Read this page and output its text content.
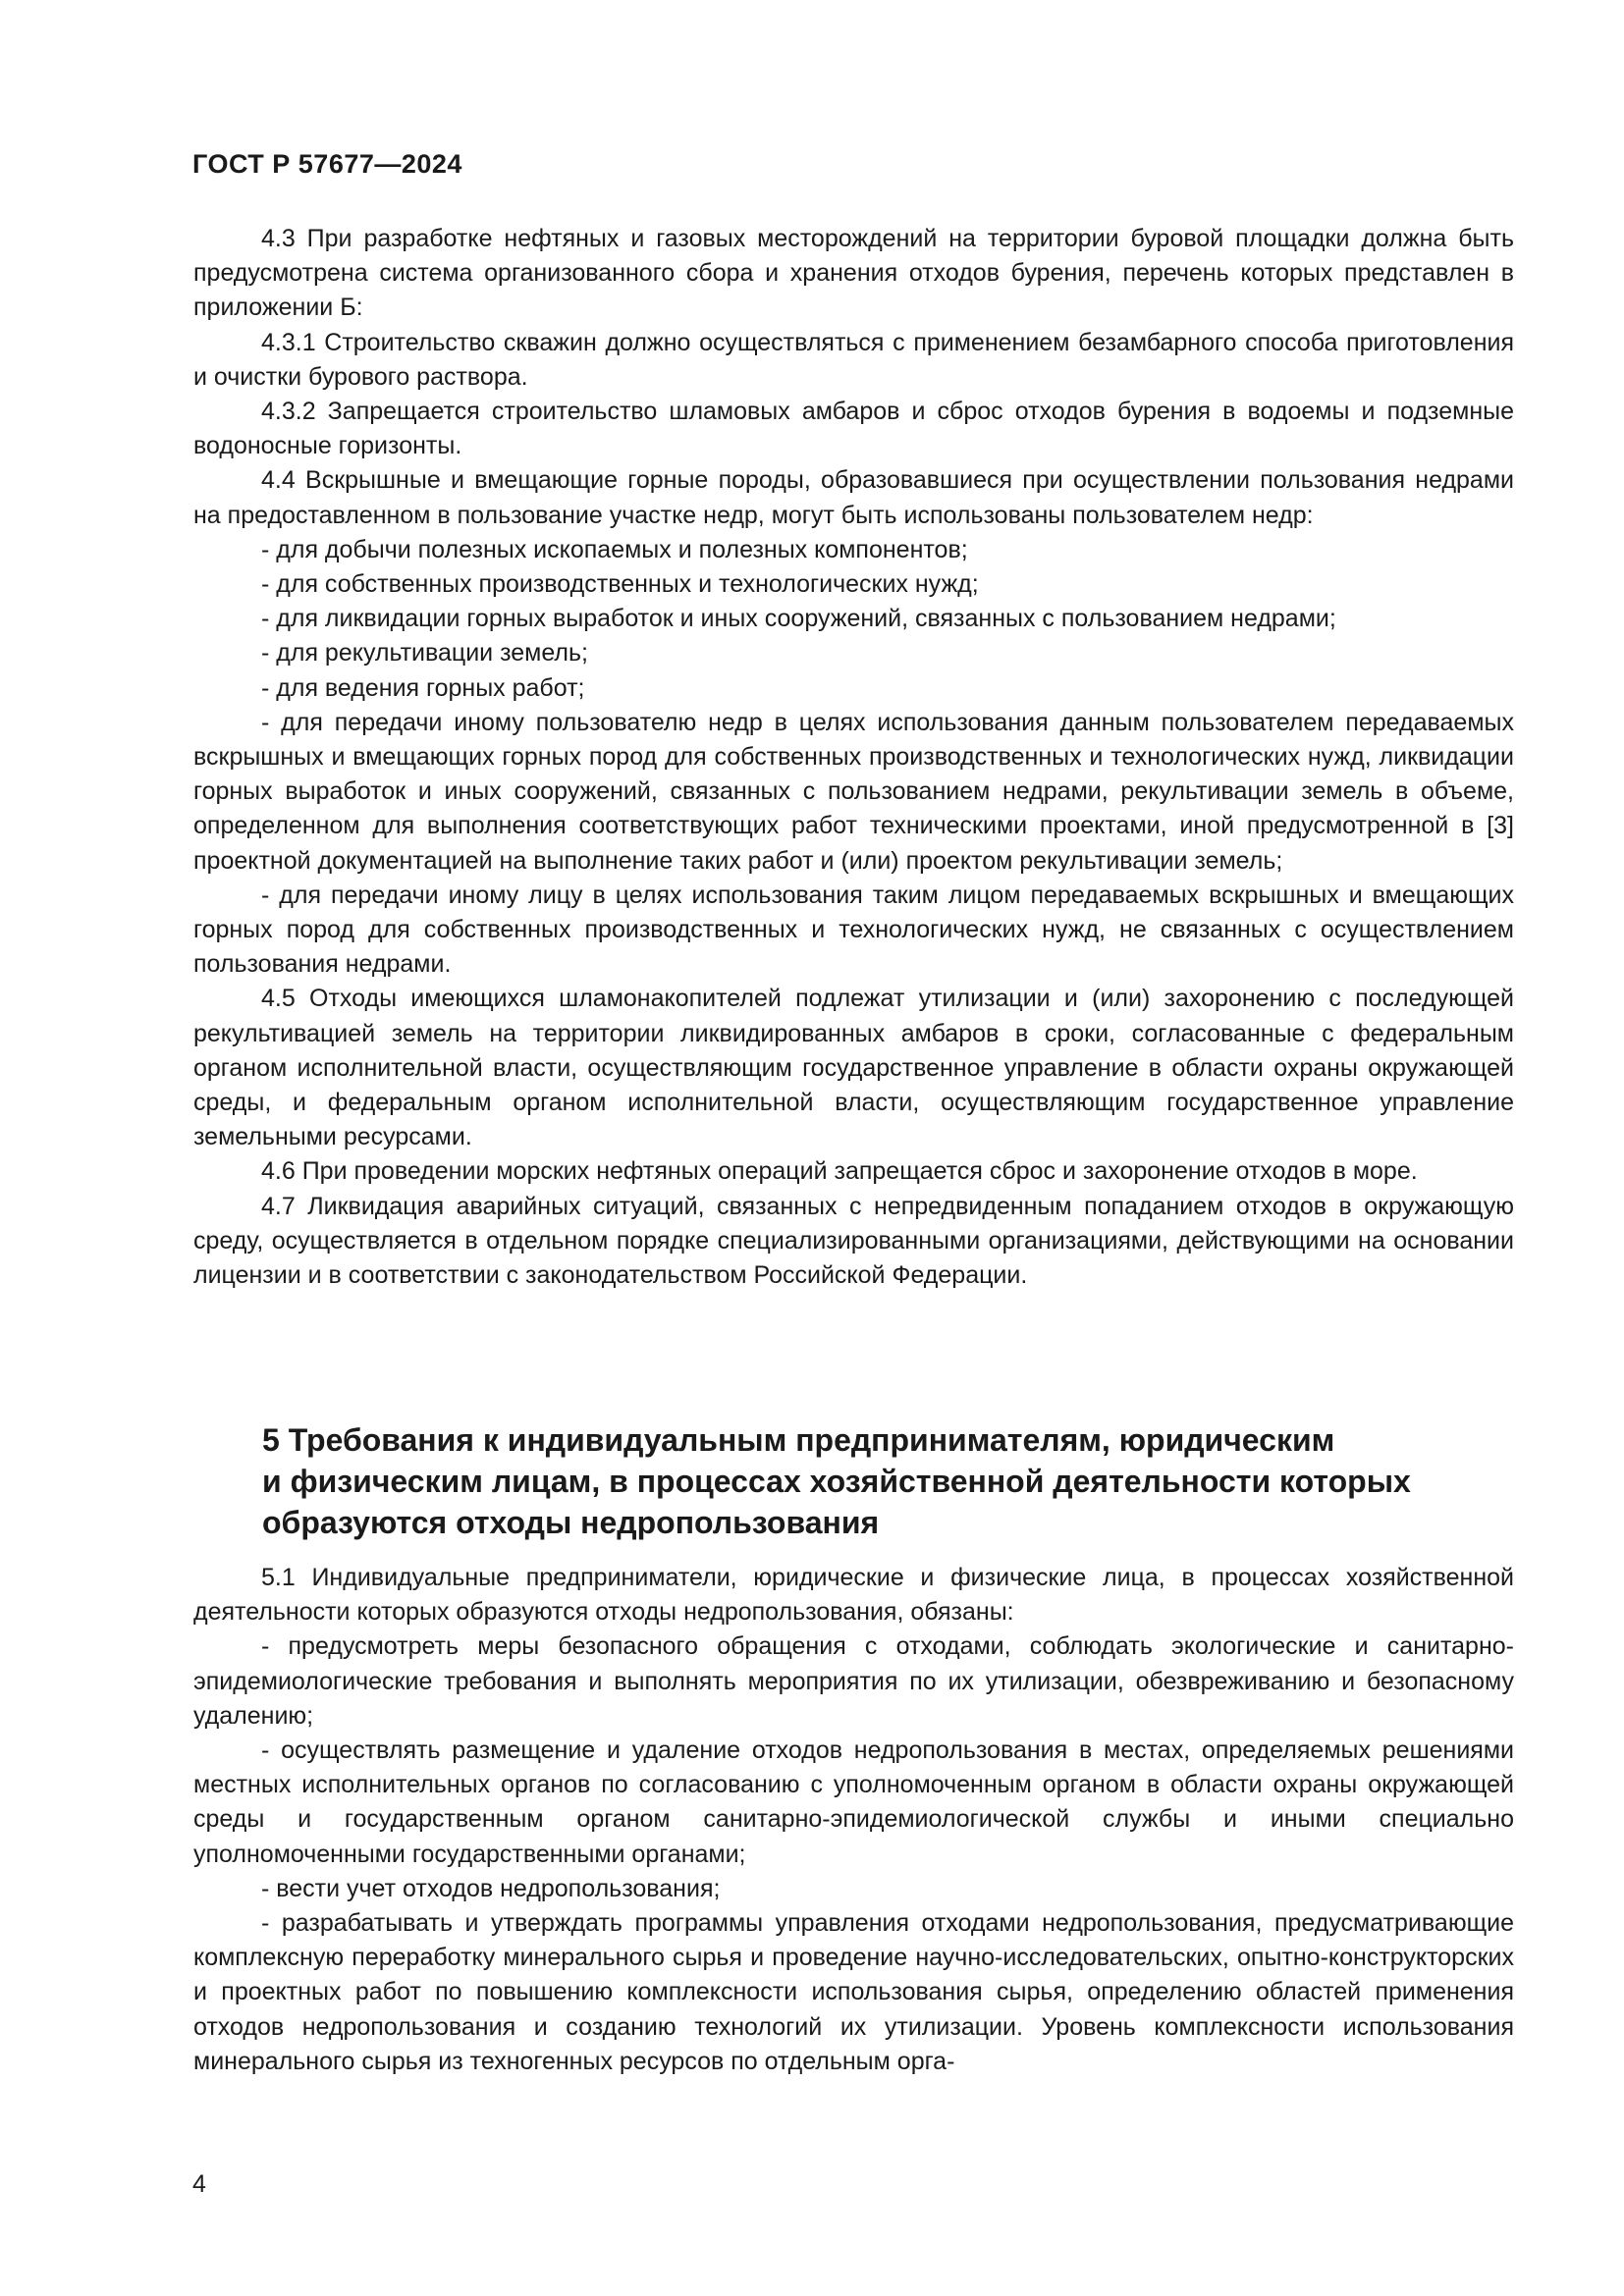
ГОСТ Р 57677—2024

4.3 При разработке нефтяных и газовых месторождений на территории буровой площадки должна быть предусмотрена система организованного сбора и хранения отходов бурения, перечень которых представлен в приложении Б:

4.3.1 Строительство скважин должно осуществляться с применением безамбарного способа приготовления и очистки бурового раствора.

4.3.2 Запрещается строительство шламовых амбаров и сброс отходов бурения в водоемы и подземные водоносные горизонты.

4.4 Вскрышные и вмещающие горные породы, образовавшиеся при осуществлении пользования недрами на предоставленном в пользование участке недр, могут быть использованы пользователем недр:

- для добычи полезных ископаемых и полезных компонентов;

- для собственных производственных и технологических нужд;

- для ликвидации горных выработок и иных сооружений, связанных с пользованием недрами;

- для рекультивации земель;

- для ведения горных работ;

- для передачи иному пользователю недр в целях использования данным пользователем передаваемых вскрышных и вмещающих горных пород для собственных производственных и технологических нужд, ликвидации горных выработок и иных сооружений, связанных с пользованием недрами, рекультивации земель в объеме, определенном для выполнения соответствующих работ техническими проектами, иной предусмотренной в [3] проектной документацией на выполнение таких работ и (или) проектом рекультивации земель;

- для передачи иному лицу в целях использования таким лицом передаваемых вскрышных и вмещающих горных пород для собственных производственных и технологических нужд, не связанных с осуществлением пользования недрами.

4.5 Отходы имеющихся шламонакопителей подлежат утилизации и (или) захоронению с последующей рекультивацией земель на территории ликвидированных амбаров в сроки, согласованные с федеральным органом исполнительной власти, осуществляющим государственное управление в области охраны окружающей среды, и федеральным органом исполнительной власти, осуществляющим государственное управление земельными ресурсами.

4.6 При проведении морских нефтяных операций запрещается сброс и захоронение отходов в море.

4.7 Ликвидация аварийных ситуаций, связанных с непредвиденным попаданием отходов в окружающую среду, осуществляется в отдельном порядке специализированными организациями, действующими на основании лицензии и в соответствии с законодательством Российской Федерации.

5 Требования к индивидуальным предпринимателям, юридическим
и физическим лицам, в процессах хозяйственной деятельности которых
образуются отходы недропользования

5.1 Индивидуальные предприниматели, юридические и физические лица, в процессах хозяйственной деятельности которых образуются отходы недропользования, обязаны:

- предусмотреть меры безопасного обращения с отходами, соблюдать экологические и санитарно-эпидемиологические требования и выполнять мероприятия по их утилизации, обезвреживанию и безопасному удалению;

- осуществлять размещение и удаление отходов недропользования в местах, определяемых решениями местных исполнительных органов по согласованию с уполномоченным органом в области охраны окружающей среды и государственным органом санитарно-эпидемиологической службы и иными специально уполномоченными государственными органами;

- вести учет отходов недропользования;

- разрабатывать и утверждать программы управления отходами недропользования, предусматривающие комплексную переработку минерального сырья и проведение научно-исследовательских, опытно-конструкторских и проектных работ по повышению комплексности использования сырья, определению областей применения отходов недропользования и созданию технологий их утилизации. Уровень комплексности использования минерального сырья из техногенных ресурсов по отдельным орга-

4
